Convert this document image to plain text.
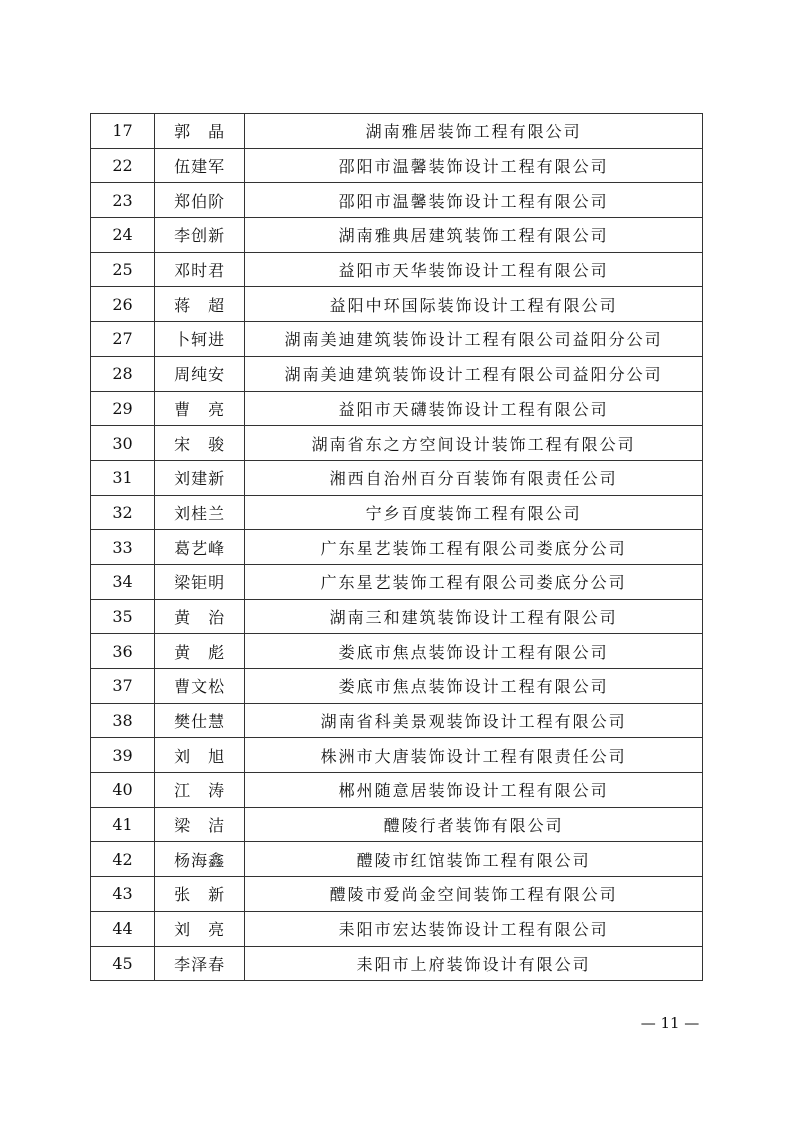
17	郭　晶	湖南雅居装饰工程有限公司
22	伍建军	邵阳市温馨装饰设计工程有限公司
23	郑伯阶	邵阳市温馨装饰设计工程有限公司
24	李创新	湖南雅典居建筑装饰工程有限公司
25	邓时君	益阳市天华装饰设计工程有限公司
26	蒋　超	益阳中环国际装饰设计工程有限公司
27	卜轲进	湖南美迪建筑装饰设计工程有限公司益阳分公司
28	周纯安	湖南美迪建筑装饰设计工程有限公司益阳分公司
29	曹　亮	益阳市天礴装饰设计工程有限公司
30	宋　骏	湖南省东之方空间设计装饰工程有限公司
31	刘建新	湘西自治州百分百装饰有限责任公司
32	刘桂兰	宁乡百度装饰工程有限公司
33	葛艺峰	广东星艺装饰工程有限公司娄底分公司
34	梁钜明	广东星艺装饰工程有限公司娄底分公司
35	黄　治	湖南三和建筑装饰设计工程有限公司
36	黄　彪	娄底市焦点装饰设计工程有限公司
37	曹文松	娄底市焦点装饰设计工程有限公司
38	樊仕慧	湖南省科美景观装饰设计工程有限公司
39	刘　旭	株洲市大唐装饰设计工程有限责任公司
40	江　涛	郴州随意居装饰设计工程有限公司
41	梁　洁	醴陵行者装饰有限公司
42	杨海鑫	醴陵市红馆装饰工程有限公司
43	张　新	醴陵市爱尚金空间装饰工程有限公司
44	刘　亮	耒阳市宏达装饰设计工程有限公司
45	李泽春	耒阳市上府装饰设计有限公司
— 11 —
